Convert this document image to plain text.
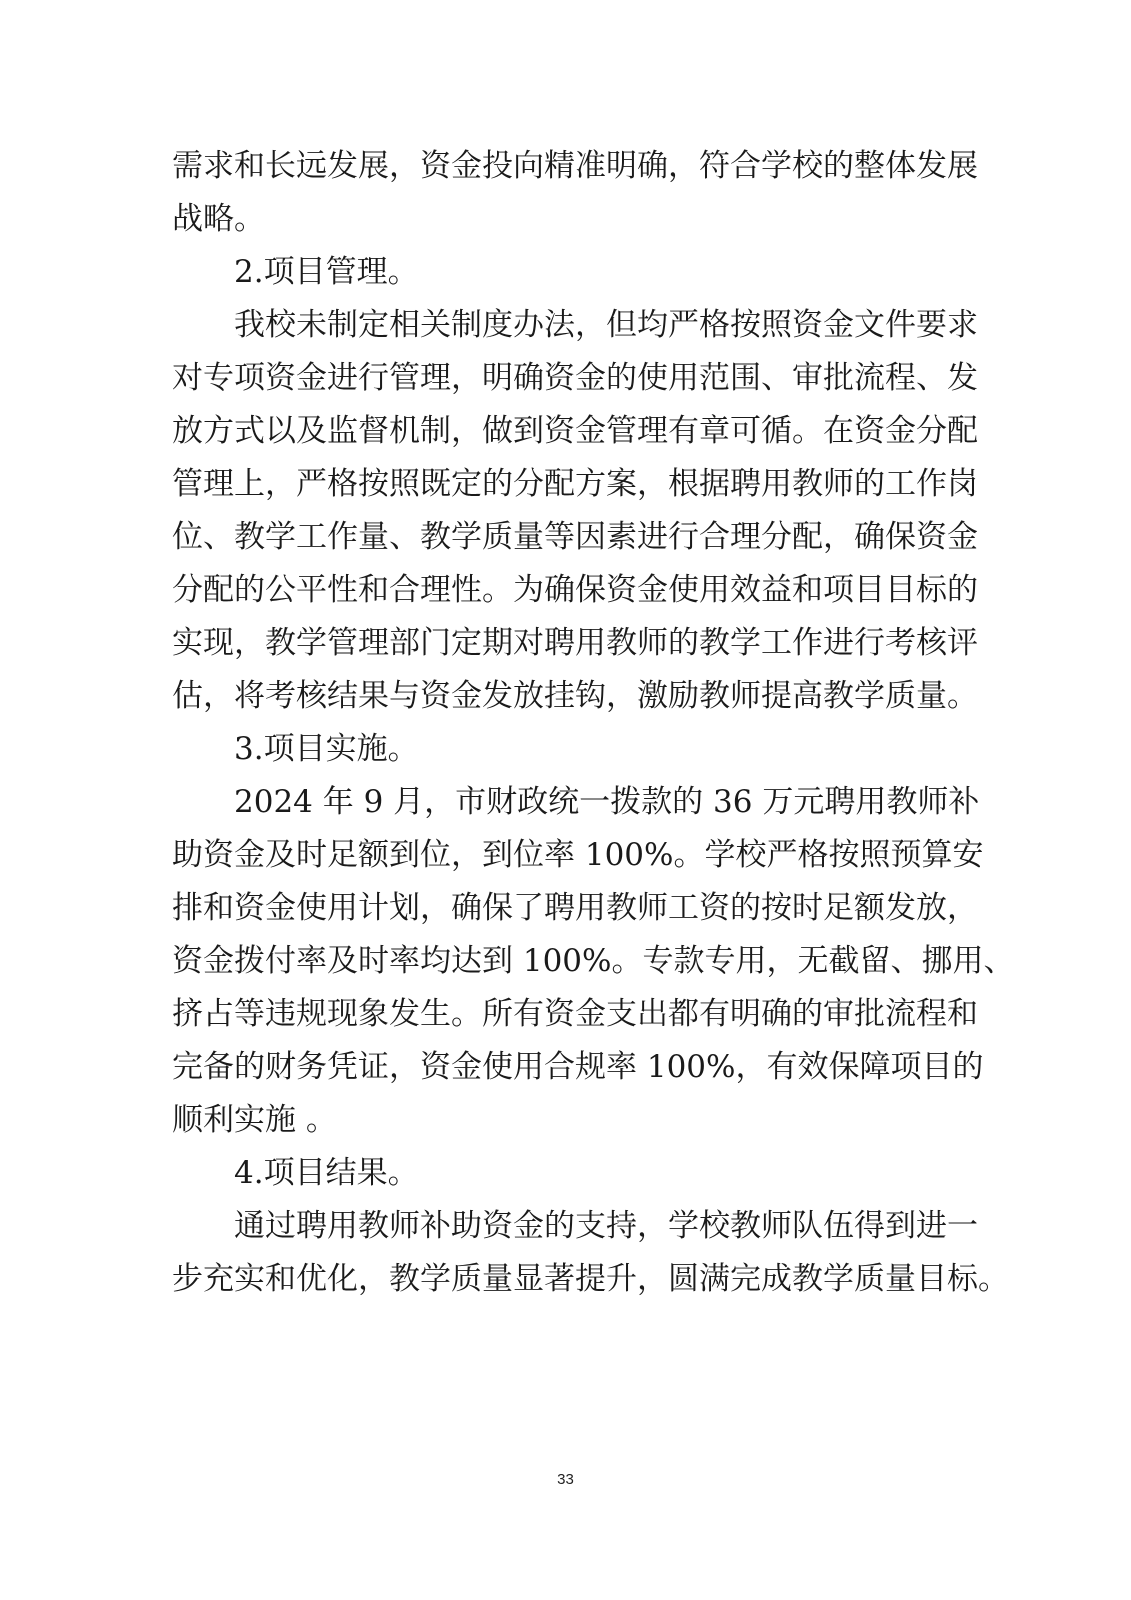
需求和长远发展，资金投向精准明确，符合学校的整体发展
战略。
2.项目管理。
我校未制定相关制度办法，但均严格按照资金文件要求
对专项资金进行管理，明确资金的使用范围、审批流程、发
放方式以及监督机制，做到资金管理有章可循。在资金分配
管理上，严格按照既定的分配方案，根据聘用教师的工作岗
位、教学工作量、教学质量等因素进行合理分配，确保资金
分配的公平性和合理性。为确保资金使用效益和项目目标的
实现，教学管理部门定期对聘用教师的教学工作进行考核评
估，将考核结果与资金发放挂钩，激励教师提高教学质量。
3.项目实施。
2024 年 9 月，市财政统一拨款的 36 万元聘用教师补
助资金及时足额到位，到位率 100%。学校严格按照预算安
排和资金使用计划，确保了聘用教师工资的按时足额发放，
资金拨付率及时率均达到 100%。专款专用，无截留、挪用、
挤占等违规现象发生。所有资金支出都有明确的审批流程和
完备的财务凭证，资金使用合规率 100%，有效保障项目的
顺利实施 。
4.项目结果。
通过聘用教师补助资金的支持，学校教师队伍得到进一
步充实和优化，教学质量显著提升，圆满完成教学质量目标。
33
